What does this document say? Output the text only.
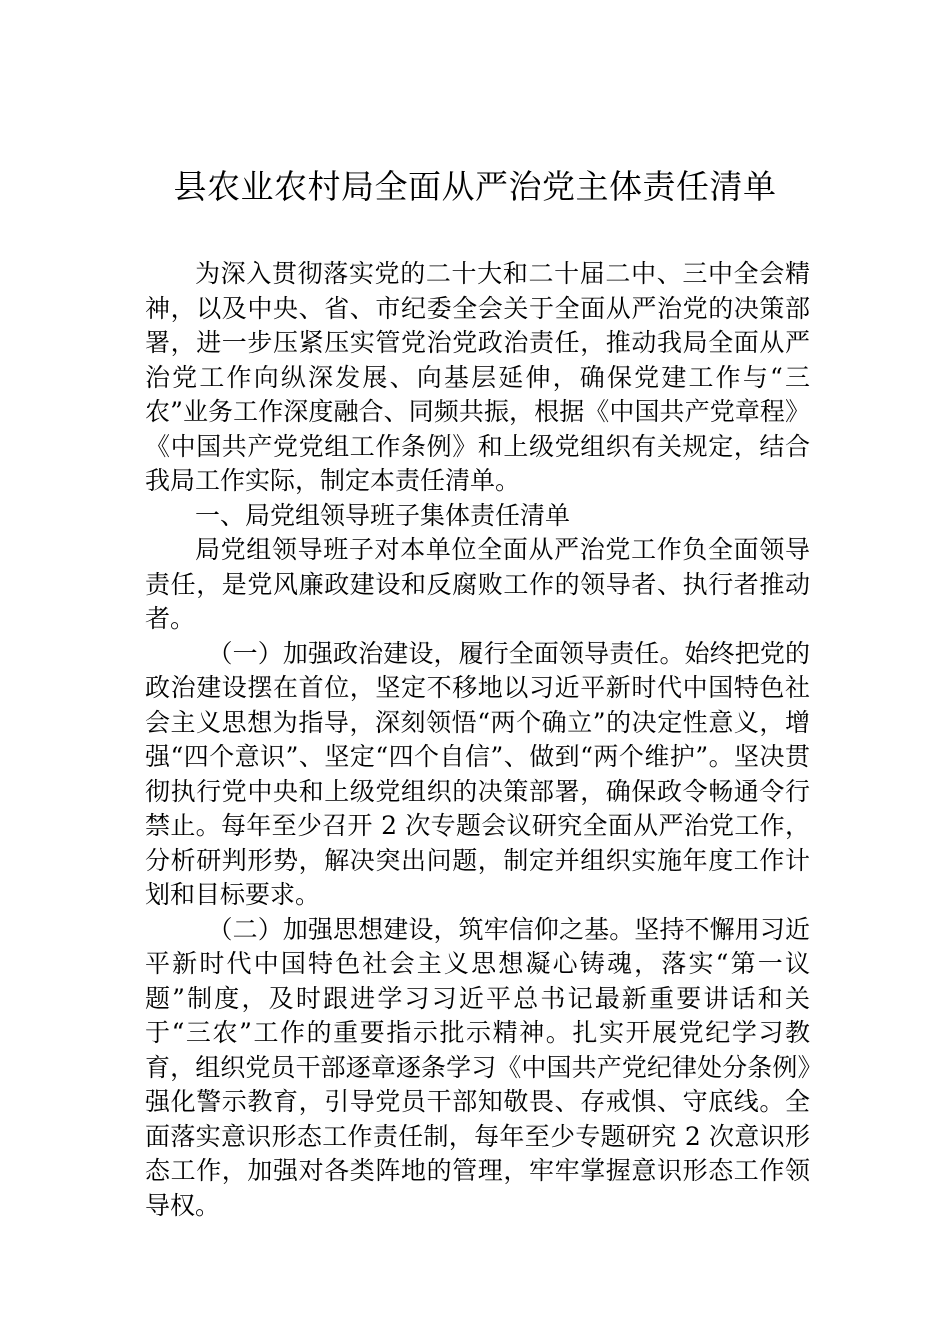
县农业农村局全面从严治党主体责任清单

为深入贯彻落实党的二十大和二十届二中、三中全会精神，以及中央、省、市纪委全会关于全面从严治党的决策部署，进一步压紧压实管党治党政治责任，推动我局全面从严治党工作向纵深发展、向基层延伸，确保党建工作与“三农”业务工作深度融合、同频共振，根据《中国共产党章程》《中国共产党党组工作条例》和上级党组织有关规定，结合我局工作实际，制定本责任清单。

一、局党组领导班子集体责任清单

局党组领导班子对本单位全面从严治党工作负全面领导责任，是党风廉政建设和反腐败工作的领导者、执行者推动者。

（一）加强政治建设，履行全面领导责任。始终把党的政治建设摆在首位，坚定不移地以习近平新时代中国特色社会主义思想为指导，深刻领悟“两个确立”的决定性意义，增强“四个意识”、坚定“四个自信”、做到“两个维护”。坚决贯彻执行党中央和上级党组织的决策部署，确保政令畅通令行禁止。每年至少召开 2 次专题会议研究全面从严治党工作，分析研判形势，解决突出问题，制定并组织实施年度工作计划和目标要求。

（二）加强思想建设，筑牢信仰之基。坚持不懈用习近平新时代中国特色社会主义思想凝心铸魂，落实“第一议题”制度，及时跟进学习习近平总书记最新重要讲话和关于“三农”工作的重要指示批示精神。扎实开展党纪学习教育，组织党员干部逐章逐条学习《中国共产党纪律处分条例》强化警示教育，引导党员干部知敬畏、存戒惧、守底线。全面落实意识形态工作责任制，每年至少专题研究 2 次意识形态工作，加强对各类阵地的管理，牢牢掌握意识形态工作领导权。
